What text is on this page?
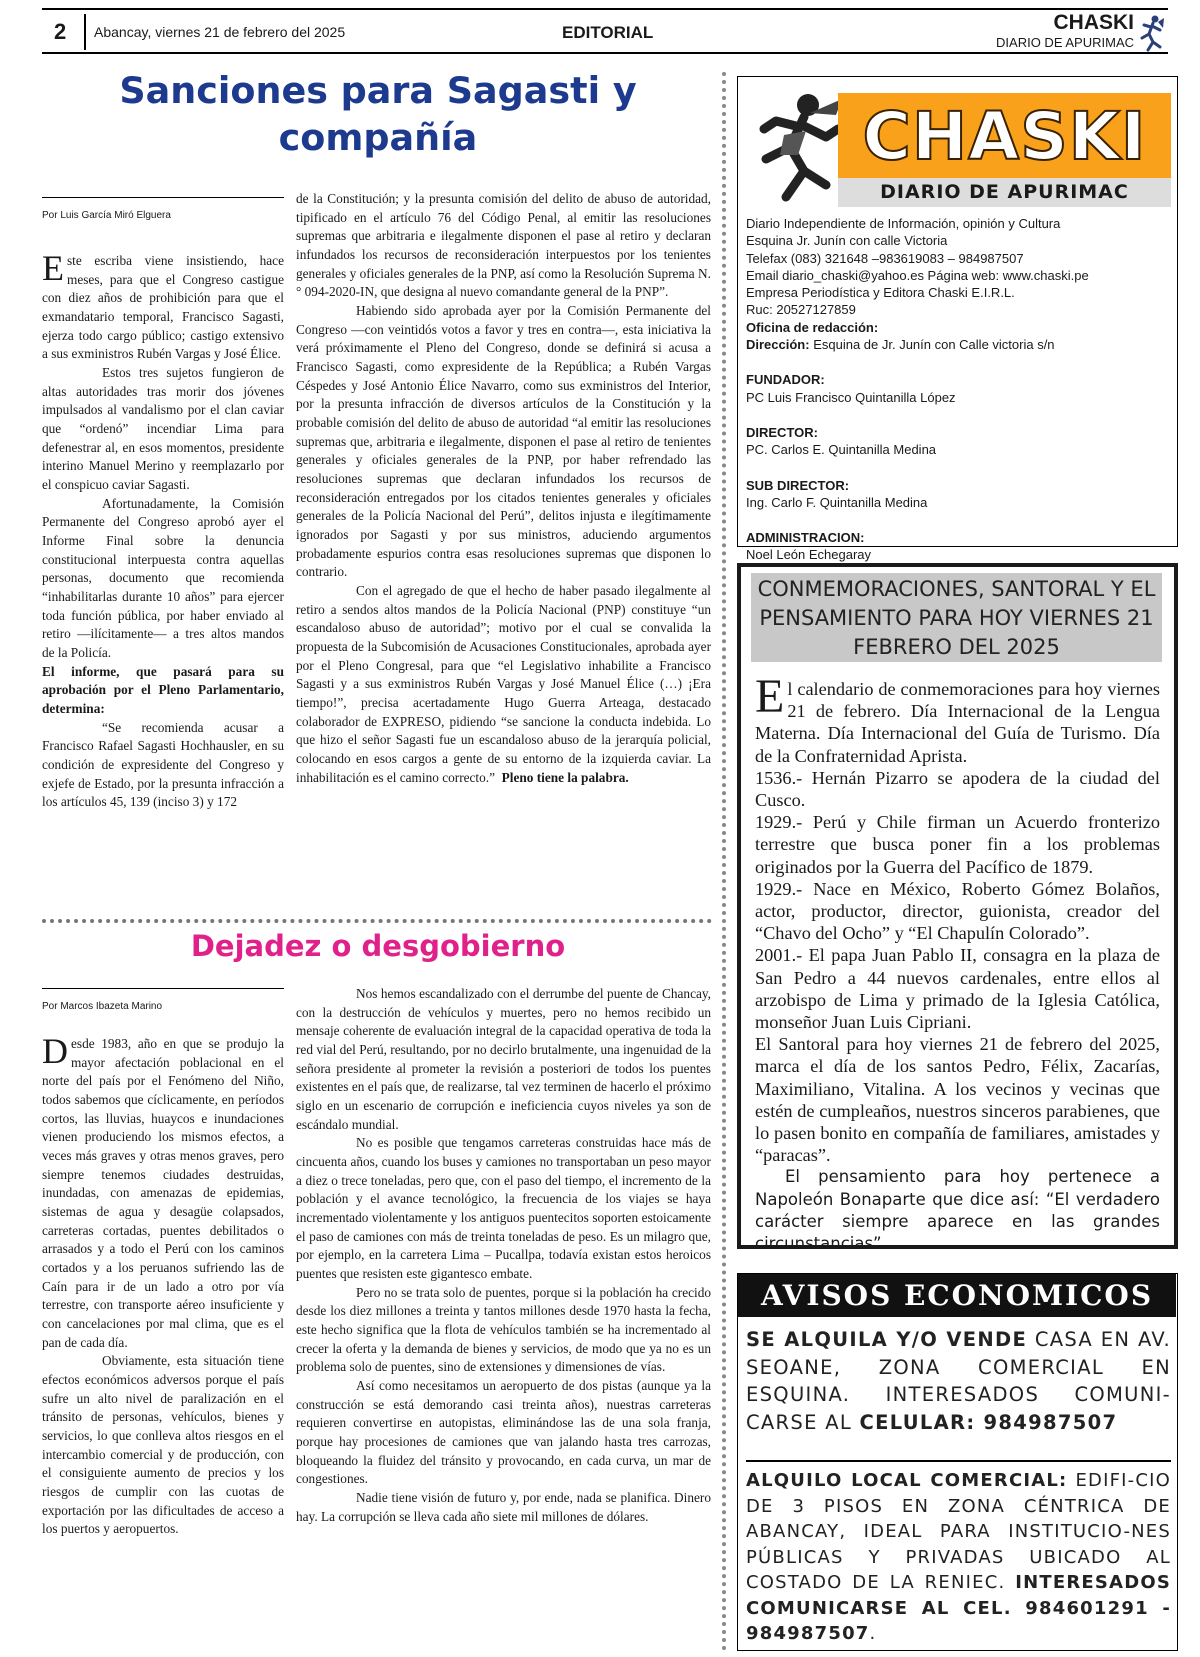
2 Abancay, viernes 21 de febrero del 2025	EDITORIAL	CHASKI
DIARIO DE APURIMAC
Sanciones para Sagasti y compañía
Por Luis García Miró Elguera

Este escriba viene insistiendo, hace meses, para que el Congreso castigue con diez años de prohibición para que el exmandatario temporal, Francisco Sagasti, ejerza todo cargo público; castigo extensivo a sus exministros Rubén Vargas y José Élice.

Estos tres sujetos fungieron de altas autoridades tras morir dos jóvenes impulsados al vandalismo por el clan caviar que “ordenó” incendiar Lima para defenestrar al, en esos momentos, presidente interino Manuel Merino y reemplazarlo por el conspicuo caviar Sagasti.

Afortunadamente, la Comisión Permanente del Congreso aprobó ayer el Informe Final sobre la denuncia constitucional interpuesta contra aquellas personas, documento que recomienda “inhabilitarlas durante 10 años” para ejercer toda función pública, por haber enviado al retiro —ilícitamente— a tres altos mandos de la Policía.

El informe, que pasará para su aprobación por el Pleno Parlamentario, determina:

“Se recomienda acusar a Francisco Rafael Sagasti Hochhausler, en su condición de expresidente del Congreso y exjefe de Estado, por la presunta infracción a los artículos 45, 139 (inciso 3) y 172

de la Constitución; y la presunta comisión del delito de abuso de autoridad, tipificado en el artículo 76 del Código Penal, al emitir las resoluciones supremas que arbitraria e ilegalmente disponen el pase al retiro y declaran infundados los recursos de reconsideración interpuestos por los tenientes generales y oficiales generales de la PNP, así como la Resolución Suprema N.° 094-2020-IN, que designa al nuevo comandante general de la PNP”.

Habiendo sido aprobada ayer por la Comisión Permanente del Congreso —con veintidós votos a favor y tres en contra—, esta iniciativa la verá próximamente el Pleno del Congreso, donde se definirá si acusa a Francisco Sagasti, como expresidente de la República; a Rubén Vargas Céspedes y José Antonio Élice Navarro, como sus exministros del Interior, por la presunta infracción de diversos artículos de la Constitución y la probable comisión del delito de abuso de autoridad “al emitir las resoluciones supremas que, arbitraria e ilegalmente, disponen el pase al retiro de tenientes generales y oficiales generales de la PNP, por haber refrendado las resoluciones supremas que declaran infundados los recursos de reconsideración entregados por los citados tenientes generales y oficiales generales de la Policía Nacional del Perú”, delitos injusta e ilegítimamente ignorados por Sagasti y por sus ministros, aduciendo argumentos probadamente espurios contra esas resoluciones supremas que disponen lo contrario.

Con el agregado de que el hecho de haber pasado ilegalmente al retiro a sendos altos mandos de la Policía Nacional (PNP) constituye “un escandaloso abuso de autoridad”; motivo por el cual se convalida la propuesta de la Subcomisión de Acusaciones Constitucionales, aprobada ayer por el Pleno Congresal, para que “el Legislativo inhabilite a Francisco Sagasti y a sus exministros Rubén Vargas y José Manuel Élice (…) ¡Era tiempo!”, precisa acertadamente Hugo Guerra Arteaga, destacado colaborador de EXPRESO, pidiendo “se sancione la conducta indebida. Lo que hizo el señor Sagasti fue un escandaloso abuso de la jerarquía policial, colocando en esos cargos a gente de su entorno de la izquierda caviar. La inhabilitación es el camino correcto.” Pleno tiene la palabra.

Dejadez o desgobierno
Por Marcos Ibazeta Marino

Desde 1983, año en que se produjo la mayor afectación poblacional en el norte del país por el Fenómeno del Niño, todos sabemos que cíclicamente, en períodos cortos, las lluvias, huaycos e inundaciones vienen produciendo los mismos efectos, a veces más graves y otras menos graves, pero siempre tenemos ciudades destruidas, inundadas, con amenazas de epidemias, sistemas de agua y desagüe colapsados, carreteras cortadas, puentes debilitados o arrasados y a todo el Perú con los caminos cortados y a los peruanos sufriendo las de Caín para ir de un lado a otro por vía terrestre, con transporte aéreo insuficiente y con cancelaciones por mal clima, que es el pan de cada día.

Obviamente, esta situación tiene efectos económicos adversos porque el país sufre un alto nivel de paralización en el tránsito de personas, vehículos, bienes y servicios, lo que conlleva altos riesgos en el intercambio comercial y de producción, con el consiguiente aumento de precios y los riesgos de cumplir con las cuotas de exportación por las dificultades de acceso a los puertos y aeropuertos.

Nos hemos escandalizado con el derrumbe del puente de Chancay, con la destrucción de vehículos y muertes, pero no hemos recibido un mensaje coherente de evaluación integral de la capacidad operativa de toda la red vial del Perú, resultando, por no decirlo brutalmente, una ingenuidad de la señora presidente al prometer la revisión a posteriori de todos los puentes existentes en el país que, de realizarse, tal vez terminen de hacerlo el próximo siglo en un escenario de corrupción e ineficiencia cuyos niveles ya son de escándalo mundial.

No es posible que tengamos carreteras construidas hace más de cincuenta años, cuando los buses y camiones no transportaban un peso mayor a diez o trece toneladas, pero que, con el paso del tiempo, el incremento de la población y el avance tecnológico, la frecuencia de los viajes se haya incrementado violentamente y los antiguos puentecitos soporten estoicamente el paso de camiones con más de treinta toneladas de peso. Es un milagro que, por ejemplo, en la carretera Lima – Pucallpa, todavía existan estos heroicos puentes que resisten este gigantesco embate.

Pero no se trata solo de puentes, porque si la población ha crecido desde los diez millones a treinta y tantos millones desde 1970 hasta la fecha, este hecho significa que la flota de vehículos también se ha incrementado al crecer la oferta y la demanda de bienes y servicios, de modo que ya no es un problema solo de puentes, sino de extensiones y dimensiones de vías.

Así como necesitamos un aeropuerto de dos pistas (aunque ya la construcción se está demorando casi treinta años), nuestras carreteras requieren convertirse en autopistas, eliminándose las de una sola franja, porque hay procesiones de camiones que van jalando hasta tres carrozas, bloqueando la fluidez del tránsito y provocando, en cada curva, un mar de congestiones.

Nadie tiene visión de futuro y, por ende, nada se planifica. Dinero hay. La corrupción se lleva cada año siete mil millones de dólares.

CHASKI
DIARIO DE APURIMAC
Diario Independiente de Información, opinión y Cultura
Esquina Jr. Junín con calle Victoria
Telefax (083) 321648 –983619083 – 984987507
Email diario_chaski@yahoo.es Página web: www.chaski.pe
Empresa Periodística y Editora Chaski E.I.R.L.
Ruc: 20527127859
Oficina de redacción:
Dirección: Esquina de Jr. Junín con Calle victoria s/n
FUNDADOR:
PC Luis Francisco Quintanilla López
DIRECTOR:
PC. Carlos E. Quintanilla Medina
SUB DIRECTOR:
Ing. Carlo F. Quintanilla Medina
ADMINISTRACION:
Noel León Echegaray
CONMEMORACIONES, SANTORAL Y EL PENSAMIENTO PARA HOY VIERNES 21 FEBRERO DEL 2025

El calendario de conmemoraciones para hoy viernes 21 de febrero. Día Internacional de la Lengua Materna. Día Internacional del Guía de Turismo. Día de la Confraternidad Aprista.

1536.- Hernán Pizarro se apodera de la ciudad del Cusco.

1929.- Perú y Chile firman un Acuerdo fronterizo terrestre que busca poner fin a los problemas originados por la Guerra del Pacífico de 1879.

1929.- Nace en México, Roberto Gómez Bolaños, actor, productor, director, guionista, creador del “Chavo del Ocho” y “El Chapulín Colorado”.

2001.- El papa Juan Pablo II, consagra en la plaza de San Pedro a 44 nuevos cardenales, entre ellos al arzobispo de Lima y primado de la Iglesia Católica, monseñor Juan Luis Cipriani.

El Santoral para hoy viernes 21 de febrero del 2025, marca el día de los santos Pedro, Félix, Zacarías, Maximiliano, Vitalina. A los vecinos y vecinas que estén de cumpleaños, nuestros sinceros parabienes, que lo pasen bonito en compañía de familiares, amistades y “paracas”.

El pensamiento para hoy pertenece a Napoleón Bonaparte que dice así: “El verdadero carácter siempre aparece en las grandes circunstancias”.

AVISOS ECONOMICOS
SE ALQUILA Y/O VENDE CASA EN AV. SEOANE, ZONA COMERCIAL EN ESQUINA. INTERESADOS COMUNI-CARSE AL CELULAR: 984987507
ALQUILO LOCAL COMERCIAL: EDIFI-CIO DE 3 PISOS EN ZONA CÉNTRICA DE ABANCAY, IDEAL PARA INSTITUCIO-NES PÚBLICAS Y PRIVADAS UBICADO AL COSTADO DE LA RENIEC. INTERESADOS COMUNICARSE AL CEL. 984601291 - 984987507.
